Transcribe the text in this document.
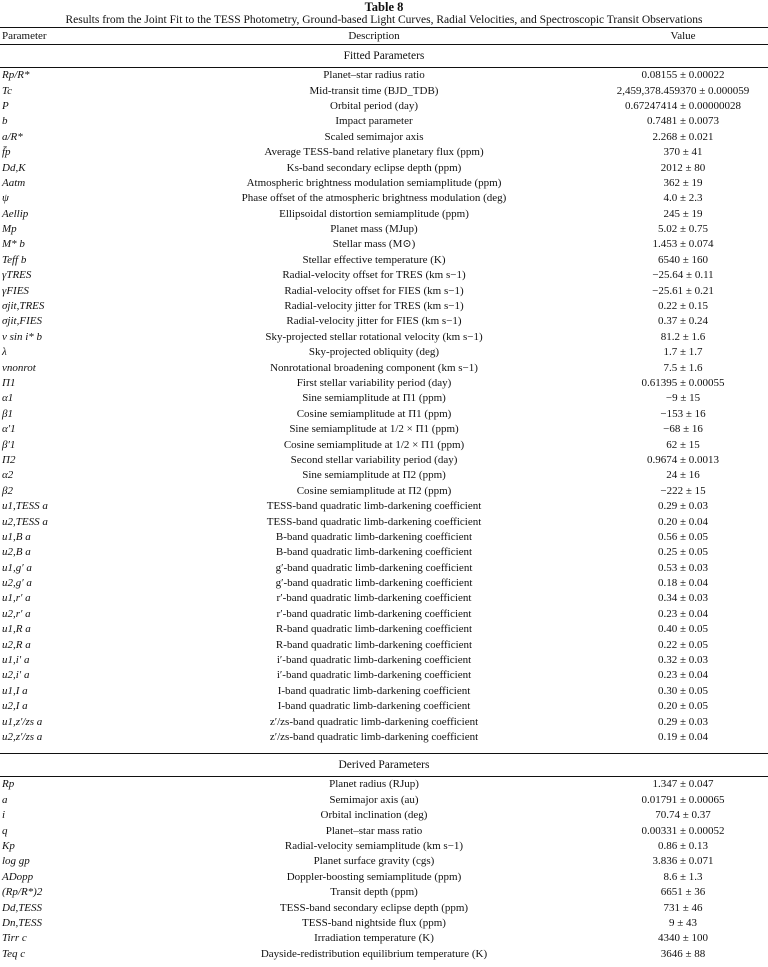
Table 8
Results from the Joint Fit to the TESS Photometry, Ground-based Light Curves, Radial Velocities, and Spectroscopic Transit Observations
Parameter	Description	Value
Fitted Parameters		
Rp/R*	Planet–star radius ratio	0.08155 ± 0.00022
Tc	Mid-transit time (BJD_TDB)	2,459,378.459370 ± 0.000059
P	Orbital period (day)	0.67247414 ± 0.00000028
b	Impact parameter	0.7481 ± 0.0073
a/R*	Scaled semimajor axis	2.268 ± 0.021
f̄p	Average TESS-band relative planetary flux (ppm)	370 ± 41
Dd,K	Ks-band secondary eclipse depth (ppm)	2012 ± 80
Aatm	Atmospheric brightness modulation semiamplitude (ppm)	362 ± 19
ψ	Phase offset of the atmospheric brightness modulation (deg)	4.0 ± 2.3
Aellip	Ellipsoidal distortion semiamplitude (ppm)	245 ± 19
Mp	Planet mass (MJup)	5.02 ± 0.75
M* b	Stellar mass (M⊙)	1.453 ± 0.074
Teff b	Stellar effective temperature (K)	6540 ± 160
γTRES	Radial-velocity offset for TRES (km s−1)	−25.64 ± 0.11
γFIES	Radial-velocity offset for FIES (km s−1)	−25.61 ± 0.21
σjit,TRES	Radial-velocity jitter for TRES (km s−1)	0.22 ± 0.15
σjit,FIES	Radial-velocity jitter for FIES (km s−1)	0.37 ± 0.24
v sin i* b	Sky-projected stellar rotational velocity (km s−1)	81.2 ± 1.6
λ	Sky-projected obliquity (deg)	1.7 ± 1.7
vnonrot	Nonrotational broadening component (km s−1)	7.5 ± 1.6
Π1	First stellar variability period (day)	0.61395 ± 0.00055
α1	Sine semiamplitude at Π1 (ppm)	−9 ± 15
β1	Cosine semiamplitude at Π1 (ppm)	−153 ± 16
α′1	Sine semiamplitude at 1/2 × Π1 (ppm)	−68 ± 16
β′1	Cosine semiamplitude at 1/2 × Π1 (ppm)	62 ± 15
Π2	Second stellar variability period (day)	0.9674 ± 0.0013
α2	Sine semiamplitude at Π2 (ppm)	24 ± 16
β2	Cosine semiamplitude at Π2 (ppm)	−222 ± 15
u1,TESS a	TESS-band quadratic limb-darkening coefficient	0.29 ± 0.03
u2,TESS a	TESS-band quadratic limb-darkening coefficient	0.20 ± 0.04
u1,B a	B-band quadratic limb-darkening coefficient	0.56 ± 0.05
u2,B a	B-band quadratic limb-darkening coefficient	0.25 ± 0.05
u1,g′ a	g′-band quadratic limb-darkening coefficient	0.53 ± 0.03
u2,g′ a	g′-band quadratic limb-darkening coefficient	0.18 ± 0.04
u1,r′ a	r′-band quadratic limb-darkening coefficient	0.34 ± 0.03
u2,r′ a	r′-band quadratic limb-darkening coefficient	0.23 ± 0.04
u1,R a	R-band quadratic limb-darkening coefficient	0.40 ± 0.05
u2,R a	R-band quadratic limb-darkening coefficient	0.22 ± 0.05
u1,i′ a	i′-band quadratic limb-darkening coefficient	0.32 ± 0.03
u2,i′ a	i′-band quadratic limb-darkening coefficient	0.23 ± 0.04
u1,I a	I-band quadratic limb-darkening coefficient	0.30 ± 0.05
u2,I a	I-band quadratic limb-darkening coefficient	0.20 ± 0.05
u1,z′/zs a	z′/zs-band quadratic limb-darkening coefficient	0.29 ± 0.03
u2,z′/zs a	z′/zs-band quadratic limb-darkening coefficient	0.19 ± 0.04

Derived Parameters		
Rp	Planet radius (RJup)	1.347 ± 0.047
a	Semimajor axis (au)	0.01791 ± 0.00065
i	Orbital inclination (deg)	70.74 ± 0.37
q	Planet–star mass ratio	0.00331 ± 0.00052
Kp	Radial-velocity semiamplitude (km s−1)	0.86 ± 0.13
log gp	Planet surface gravity (cgs)	3.836 ± 0.071
ADopp	Doppler-boosting semiamplitude (ppm)	8.6 ± 1.3
(Rp/R*)2	Transit depth (ppm)	6651 ± 36
Dd,TESS	TESS-band secondary eclipse depth (ppm)	731 ± 46
Dn,TESS	TESS-band nightside flux (ppm)	9 ± 43
Tirr c	Irradiation temperature (K)	4340 ± 100
Teq c	Dayside-redistribution equilibrium temperature (K)	3646 ± 88
